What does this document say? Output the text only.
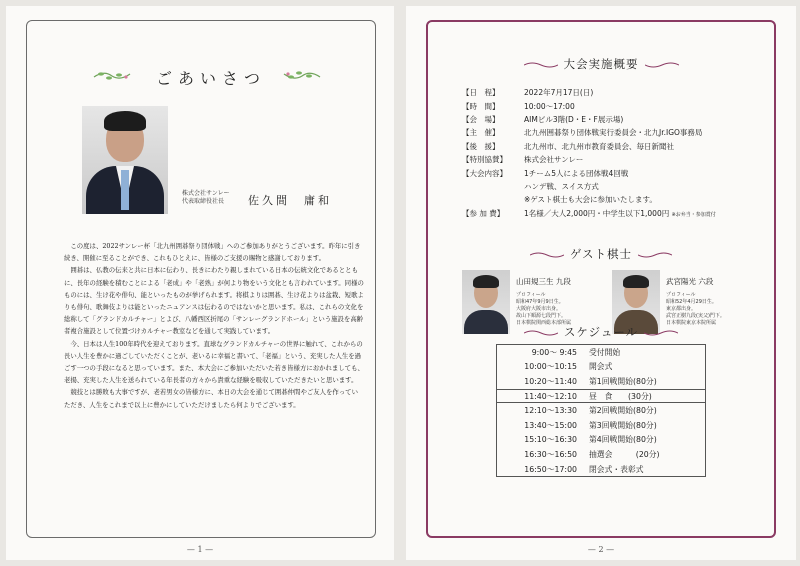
ごあいさつ
株式会社サンレー
代表取締役社長	佐久間　庸和

この度は、2022サンレー杯「北九州囲碁祭り団体戦」へのご参加ありがとうございます。昨年に引き続き、開催に至ることができ、これもひとえに、皆様のご支援の賜物と感謝しております。

囲碁は、仏教の伝来と共に日本に伝わり、長きにわたり親しまれている日本の伝統文化であるとともに、長年の経験を積むことによる「老成」や「老熟」が何より物をいう文化とも言われています。同様のものには、生け花や俳句、能といったものが挙げられます。将棋よりは囲碁、生け花よりは盆栽、短歌よりも俳句、歌舞伎よりは能といったニュアンスは伝わるのではないかと思います。私は、これらの文化を総称して「グランドカルチャー」とよび、八幡西区折尾の「サンレーグランドホール」という施設を高齢者複合施設として位置づけカルチャー教室などを通して実践しています。

今、日本は人生100年時代を迎えております。直球なグランドカルチャーの世界に触れて、これからの長い人生を豊かに過ごしていただくことが、老いるに幸福と書いて、「老福」という、充実した人生を過ごす一つの手段になると思っています。また、本大会にご参加いただいた若き皆様方におかれましても、老揚、充実した人生を送られている年長者の方々から貴重な経験を吸収していただきたいと思います。

競技とは勝敗も大事ですが、老若男女の皆様方に、本日の大会を通じて囲碁仲間やご友人を作っていただき、人生をこれまで以上に豊かにしていただけましたら何よりでございます。

— 1 —
大会実施概要
【日　程】	2022年7月17日(日)
【時　間】	10:00〜17:00
【会　場】	AIMビル3階(D・E・F展示場)
【主　催】	北九州囲碁祭り団体戦実行委員会・北九Jr.IGO事務局
【後　援】	北九州市、北九州市教育委員会、毎日新聞社
【特別協賛】	株式会社サンレー
【大会内容】	1チーム5人による団体戦4回戦
	ハンデ戦、スイス方式
	※ゲスト棋士も大会に参加いたします。
【参 加 費】	1名様／大人2,000円・中学生以下1,000円 ※お弁当・参加賞付
ゲスト棋士
山田規三生 九段
プロフィール
昭和47年9月9日生。
大阪府大阪市出身。
故山下順源七段門下。
日本棋院関西総本部所属
武宮陽光 六段
プロフィール
昭和52年4月29日生。
東京都出身。
武宮正樹九段(実父)門下。
日本棋院東京本院所属
スケジュール
9:00〜 9:45	受付開始
10:00〜10:15	開会式
10:20〜11:40	第1回戦開始(80分)
11:40〜12:10	昼　食　　(30分)
12:10〜13:30	第2回戦開始(80分)
13:40〜15:00	第3回戦開始(80分)
15:10〜16:30	第4回戦開始(80分)
16:30〜16:50	抽選会　　　(20分)
16:50〜17:00	閉会式・表彰式
— 2 —
